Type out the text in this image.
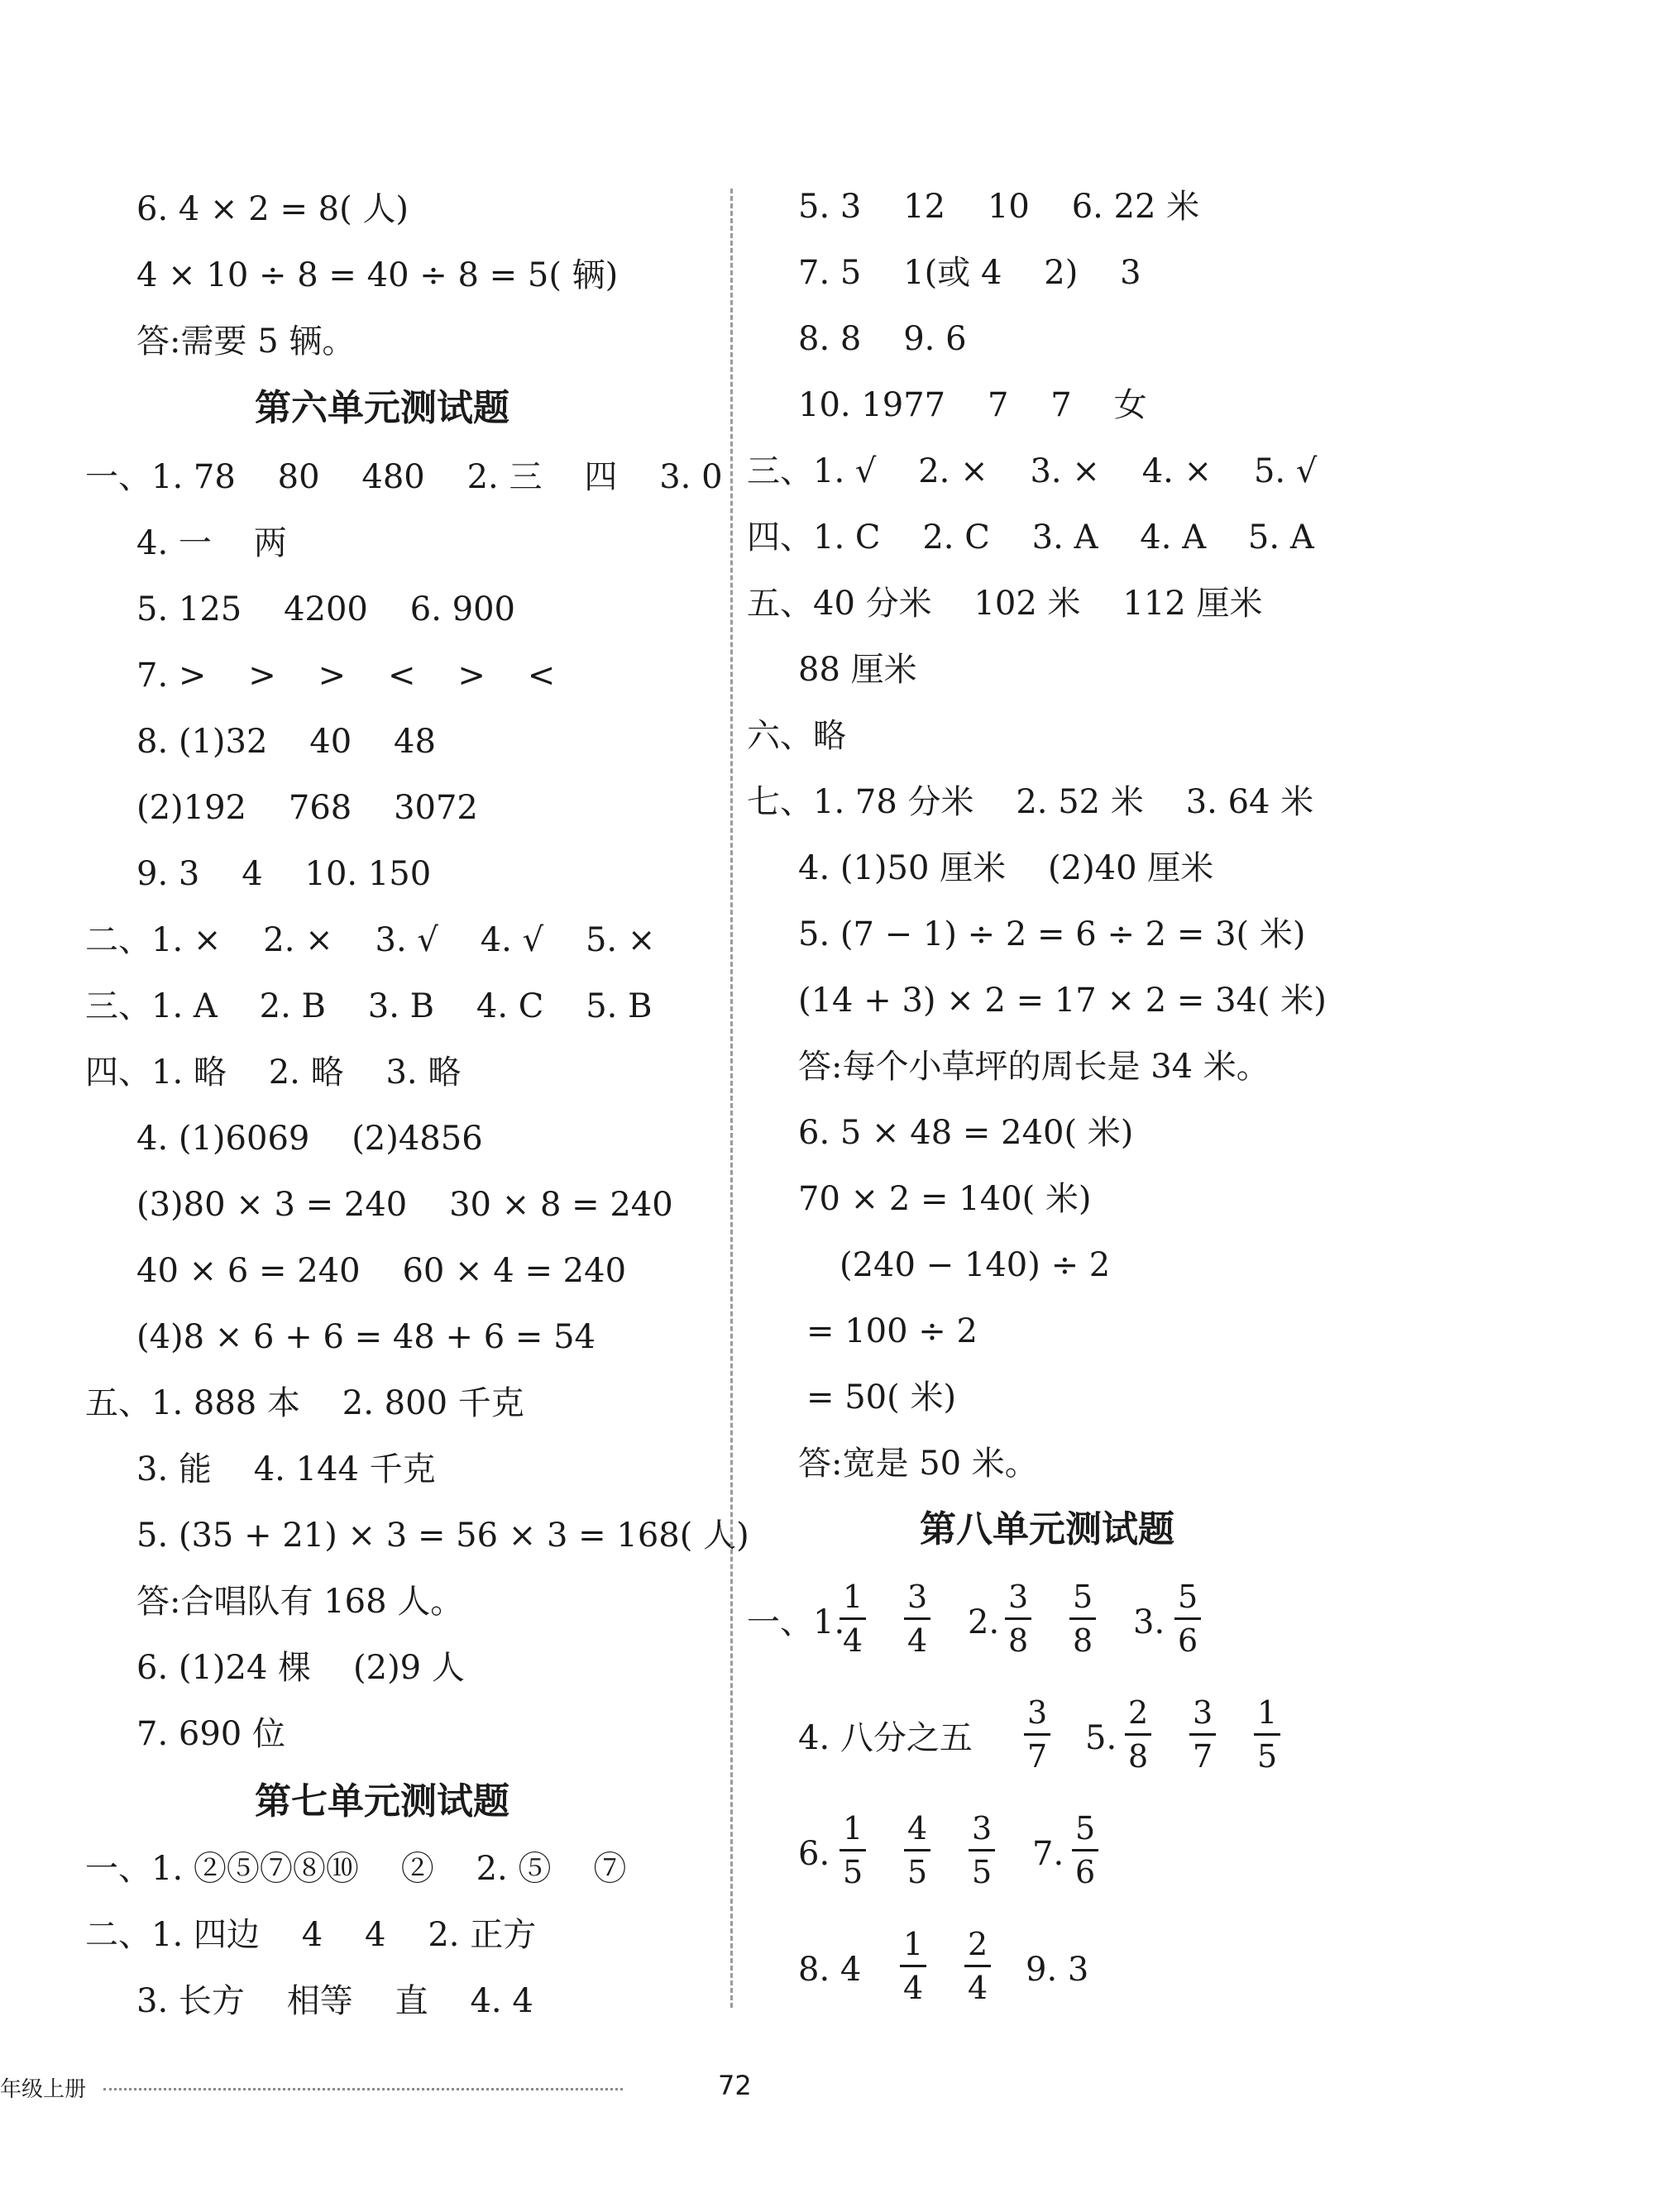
6. 4 × 2 = 8( 人)
4 × 10 ÷ 8 = 40 ÷ 8 = 5( 辆)
答:需要 5 辆。
第六单元测试题
一、1. 78    80    480    2. 三    四    3. 0
4. 一    两
5. 125    4200    6. 900
7. >    >    >    <    >    <
8. (1)32    40    48
(2)192    768    3072
9. 3    4    10. 150
二、1. ×    2. ×    3. √    4. √    5. ×
三、1. A    2. B    3. B    4. C    5. B
四、1. 略    2. 略    3. 略
4. (1)6069    (2)4856
(3)80 × 3 = 240    30 × 8 = 240
40 × 6 = 240    60 × 4 = 240
(4)8 × 6 + 6 = 48 + 6 = 54
五、1. 888 本    2. 800 千克
3. 能    4. 144 千克
5. (35 + 21) × 3 = 56 × 3 = 168( 人)
答:合唱队有 168 人。
6. (1)24 棵    (2)9 人
7. 690 位
第七单元测试题
一、1. ②⑤⑦⑧⑩    ②    2. ⑤    ⑦
二、1. 四边    4    4    2. 正方
3. 长方    相等    直    4. 4
5. 3    12    10    6. 22 米
7. 5    1(或 4    2)    3
8. 8    9. 6
10. 1977    7    7    女
三、1. √    2. ×    3. ×    4. ×    5. √
四、1. C    2. C    3. A    4. A    5. A
五、40 分米    102 米    112 厘米
88 厘米
六、略
七、1. 78 分米    2. 52 米    3. 64 米
4. (1)50 厘米    (2)40 厘米
5. (7 − 1) ÷ 2 = 6 ÷ 2 = 3( 米)
(14 + 3) × 2 = 17 × 2 = 34( 米)
答:每个小草坪的周长是 34 米。
6. 5 × 48 = 240( 米)
70 × 2 = 140( 米)
(240 − 140) ÷ 2
= 100 ÷ 2
= 50( 米)
答:宽是 50 米。
第八单元测试题
一、1.
$\frac{1}{4} \frac{3}{4} 2$. $\frac{3}{8} \frac{5}{8} 3$. $\frac{5}{6}$
4. 八分之五 $\frac{3}{7} 5$. $\frac{2}{8} \frac{3}{7} \frac{1}{5}$
6. $\frac{1}{5} \frac{4}{5} \frac{3}{5} 7$. $\frac{5}{6}$
8. $4 \frac{1}{4} \frac{2}{4} 9$. 3
年级上册	72
